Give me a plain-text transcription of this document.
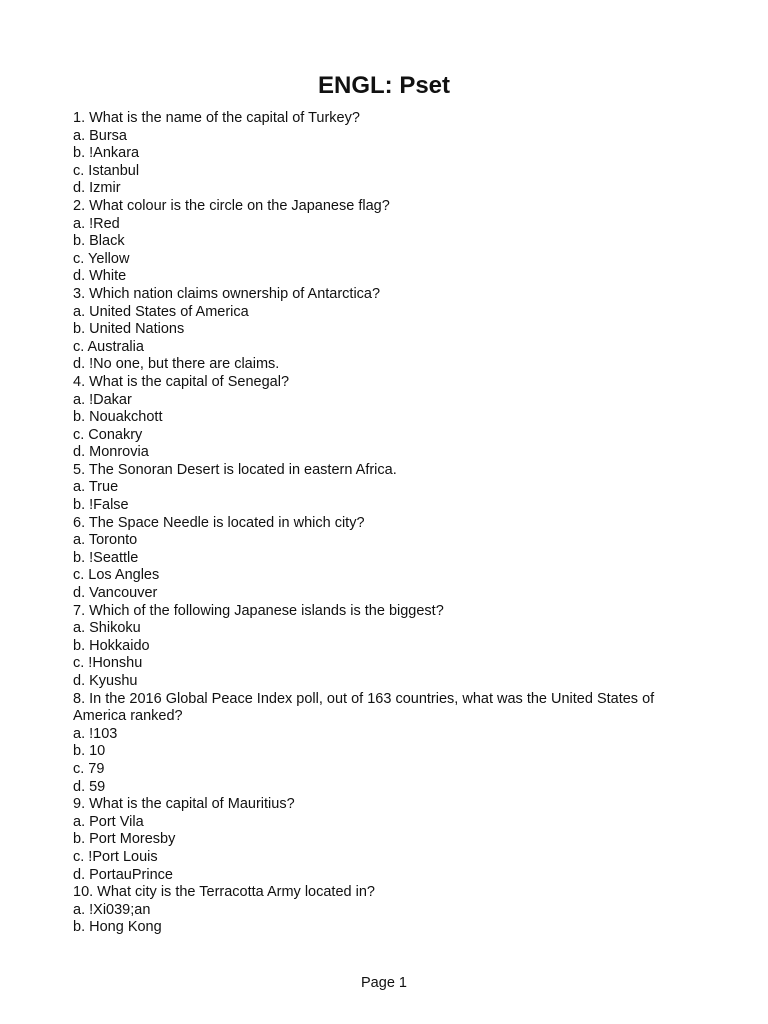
ENGL: Pset
1. What is the name of the capital of Turkey?
a. Bursa
b. !Ankara
c. Istanbul
d. Izmir
2. What colour is the circle on the Japanese flag?
a. !Red
b. Black
c. Yellow
d. White
3. Which nation claims ownership of Antarctica?
a. United States of America
b. United Nations
c. Australia
d. !No one, but there are claims.
4. What is the capital of Senegal?
a. !Dakar
b. Nouakchott
c. Conakry
d. Monrovia
5. The Sonoran Desert is located in eastern Africa.
a. True
b. !False
6. The Space Needle is located in which city?
a. Toronto
b. !Seattle
c. Los Angles
d. Vancouver
7. Which of the following Japanese islands is the biggest?
a. Shikoku
b. Hokkaido
c. !Honshu
d. Kyushu
8. In the 2016 Global Peace Index poll, out of 163 countries, what was the United States of America ranked?
a. !103
b. 10
c. 79
d. 59
9. What is the capital of Mauritius?
a. Port Vila
b. Port Moresby
c. !Port Louis
d. PortauPrince
10. What city is the Terracotta Army located in?
a. !Xi039;an
b. Hong Kong
Page 1
